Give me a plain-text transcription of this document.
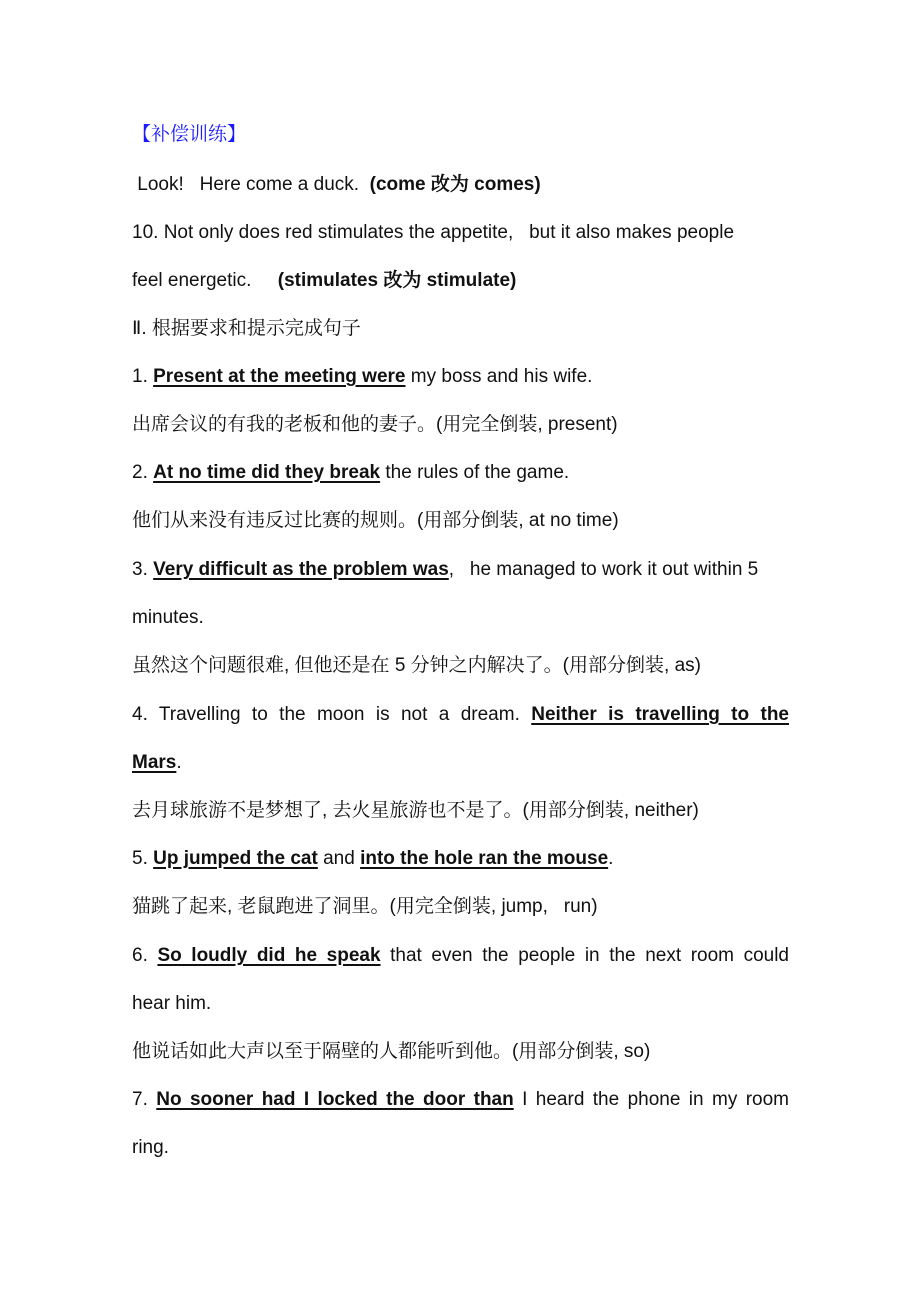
【补偿训练】
Look!   Here come a duck.  (come 改为 comes)
10. Not only does red stimulates the appetite,   but it also makes people
feel energetic.     (stimulates 改为 stimulate)
Ⅱ. 根据要求和提示完成句子
1. Present at the meeting were my boss and his wife.
出席会议的有我的老板和他的妻子。(用完全倒装, present)
2. At no time did they break the rules of the game.
他们从来没有违反过比赛的规则。(用部分倒装, at no time)
3. Very difficult as the problem was,   he managed to work it out within 5
minutes.
虽然这个问题很难, 但他还是在 5 分钟之内解决了。(用部分倒装, as)
4. Travelling to the moon is not a dream. Neither is travelling to the
Mars.
去月球旅游不是梦想了, 去火星旅游也不是了。(用部分倒装, neither)
5. Up jumped the cat and into the hole ran the mouse.
猫跳了起来, 老鼠跑进了洞里。(用完全倒装, jump,   run)
6. So loudly did he speak that even the people in the next room could
hear him.
他说话如此大声以至于隔壁的人都能听到他。(用部分倒装, so)
7. No sooner had I locked the door than I heard the phone in my room
ring.
